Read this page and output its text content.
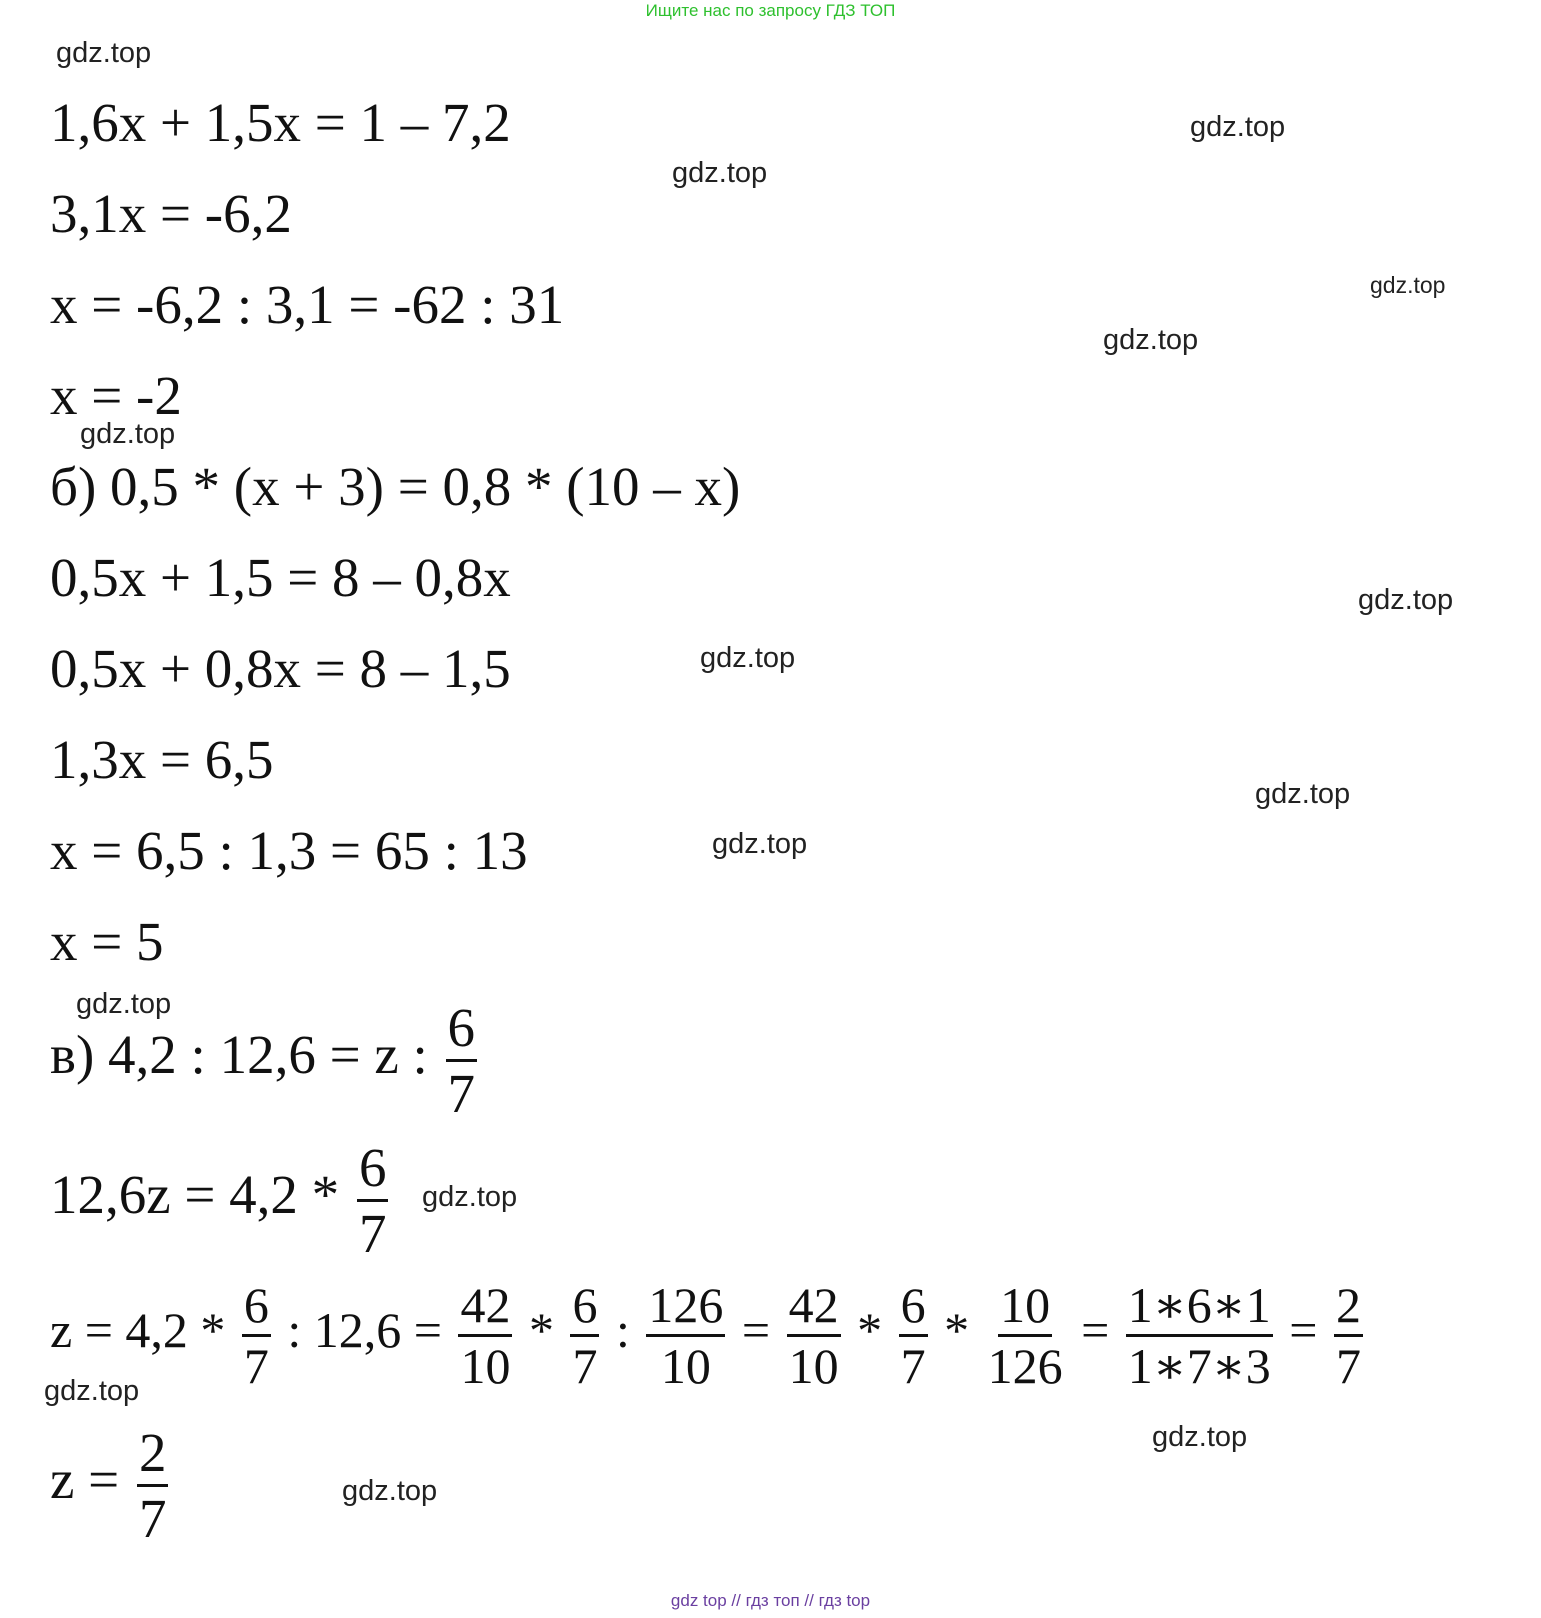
Ищите нас по запросу ГДЗ ТОП
1,6x + 1,5x = 1 – 7,2
3,1x = -6,2
x = -6,2 : 3,1 = -62 : 31
x = -2
б) 0,5 * (x + 3) = 0,8 * (10 – x)
0,5x + 1,5 = 8 – 0,8x
0,5x + 0,8x = 8 – 1,5
1,3x = 6,5
x = 6,5 : 1,3 = 65 : 13
x = 5
в) 4,2 : 12,6 = z : $\frac{6}{7}$
$12,6z = 4,2 * \frac{6}{7}$
$z = 4,2 * \frac{6}{7}$ : $12,6 = \frac{42}{10} * \frac{6}{7}$ : $\frac{126}{10} = \frac{42}{10} * \frac{6}{7} * \frac{10}{126} = \frac{1∗6∗1}{1∗7∗3} = \frac{2}{7}$
$z = \frac{2}{7}$
gdz.top
gdz.top
gdz.top
gdz.top
gdz.top
gdz.top
gdz.top
gdz.top
gdz.top
gdz.top
gdz.top
gdz.top
gdz.top
gdz.top
gdz.top
gdz top // гдз топ // гдз top
